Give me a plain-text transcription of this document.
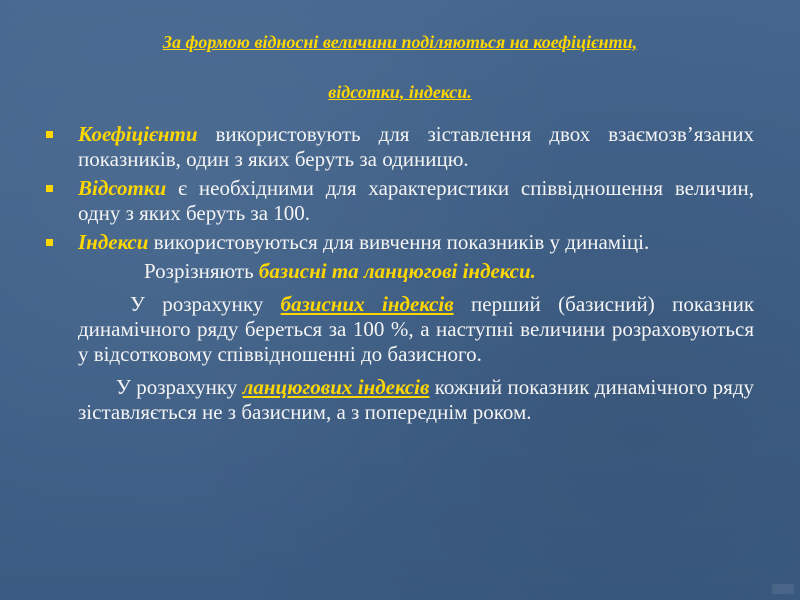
За формою відносні величини поділяються на коефіцієнти,
відсотки, індекси.
Коефіцієнти використовують для зіставлення двох взаємозв’язаних показників, один з яких беруть за одиницю.
Відсотки є необхідними для характеристики співвідношення величин, одну з яких беруть за 100.
Індекси використовуються для вивчення показників у динаміці.

Розрізняють базисні та ланцюгові індекси.

У розрахунку базисних індексів перший (базисний) показник динамічного ряду береться за 100 %, а наступні величини розраховуються у відсотковому співвідношенні до базисного.

У розрахунку ланцюгових індексів кожний показник динамічного ряду зіставляється не з базисним, а з попереднім роком.
